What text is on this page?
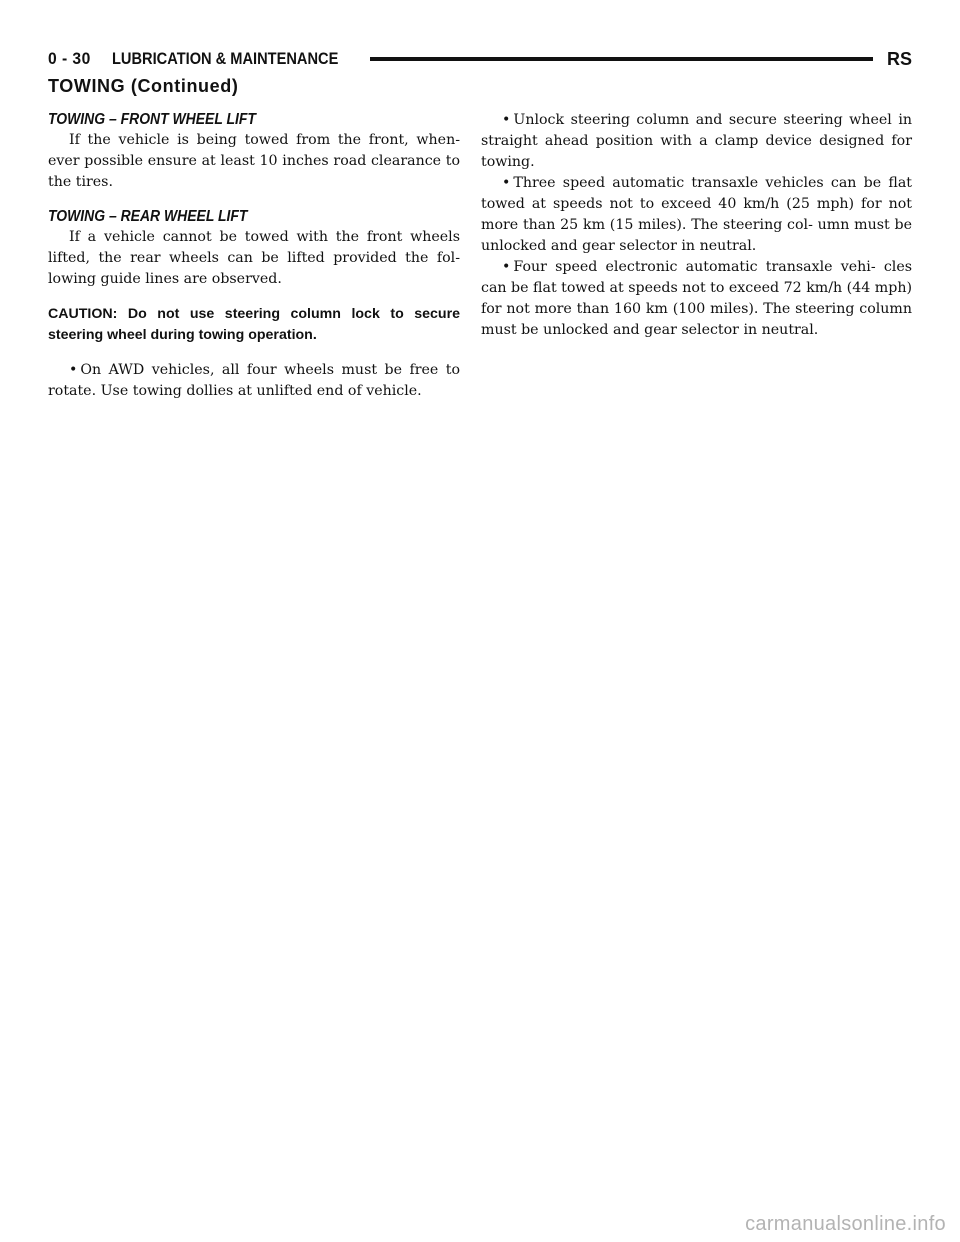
0 - 30 LUBRICATION & MAINTENANCE	RS
TOWING (Continued)

TOWING – FRONT WHEEL LIFT

If the vehicle is being towed from the front, when- ever possible ensure at least 10 inches road clearance to the tires.

TOWING – REAR WHEEL LIFT

If a vehicle cannot be towed with the front wheels lifted, the rear wheels can be lifted provided the fol- lowing guide lines are observed.

CAUTION: Do not use steering column lock to secure steering wheel during towing operation.

• On AWD vehicles, all four wheels must be free to rotate. Use towing dollies at unlifted end of vehicle.

• Unlock steering column and secure steering wheel in straight ahead position with a clamp device designed for towing.

• Three speed automatic transaxle vehicles can be flat towed at speeds not to exceed 40 km/h (25 mph) for not more than 25 km (15 miles). The steering col- umn must be unlocked and gear selector in neutral.

• Four speed electronic automatic transaxle vehi- cles can be flat towed at speeds not to exceed 72 km/h (44 mph) for not more than 160 km (100 miles). The steering column must be unlocked and gear selector in neutral.

carmanualsonline.info
